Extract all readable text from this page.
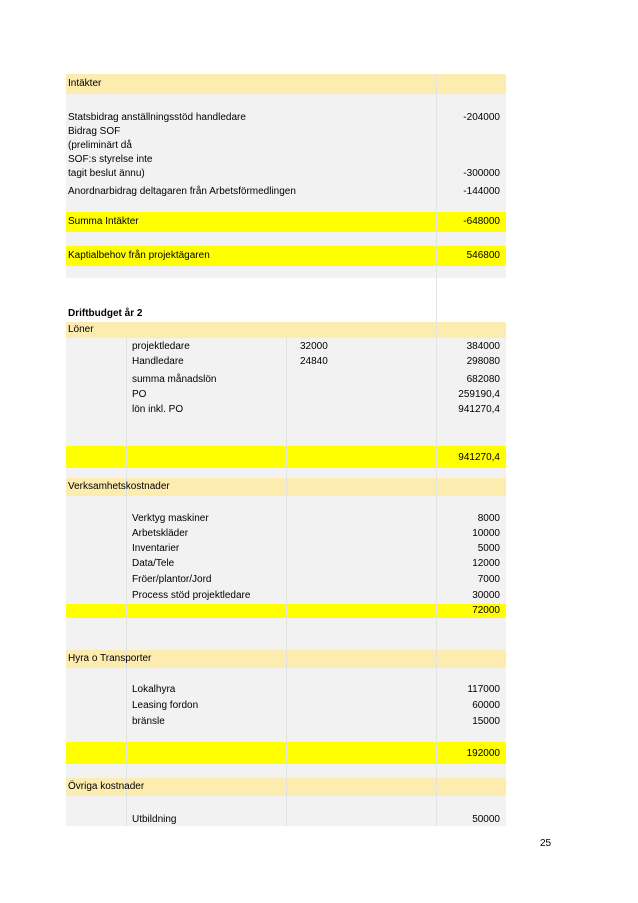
Intäkter
Statsbidrag anställningsstöd handledare	-204000
Bidrag SOF
(preliminärt då
SOF:s styrelse inte
tagit beslut ännu)	-300000
Anordnarbidrag deltagaren från Arbetsförmedlingen	-144000
Summa Intäkter	-648000
Kaptialbehov från projektägaren	546800
Driftbudget år 2
Löner
projektledare	32000	384000
Handledare	24840	298080
summa månadslön	682080
PO	259190,4
lön inkl. PO	941270,4
941270,4
Verksamhetskostnader
Verktyg maskiner	8000
Arbetskläder	10000
Inventarier	5000
Data/Tele	12000
Fröer/plantor/Jord	7000
Process stöd projektledare	30000
72000
Hyra o Transporter
Lokalhyra	117000
Leasing fordon	60000
bränsle	15000
192000
Övriga kostnader
Utbildning	50000
25
